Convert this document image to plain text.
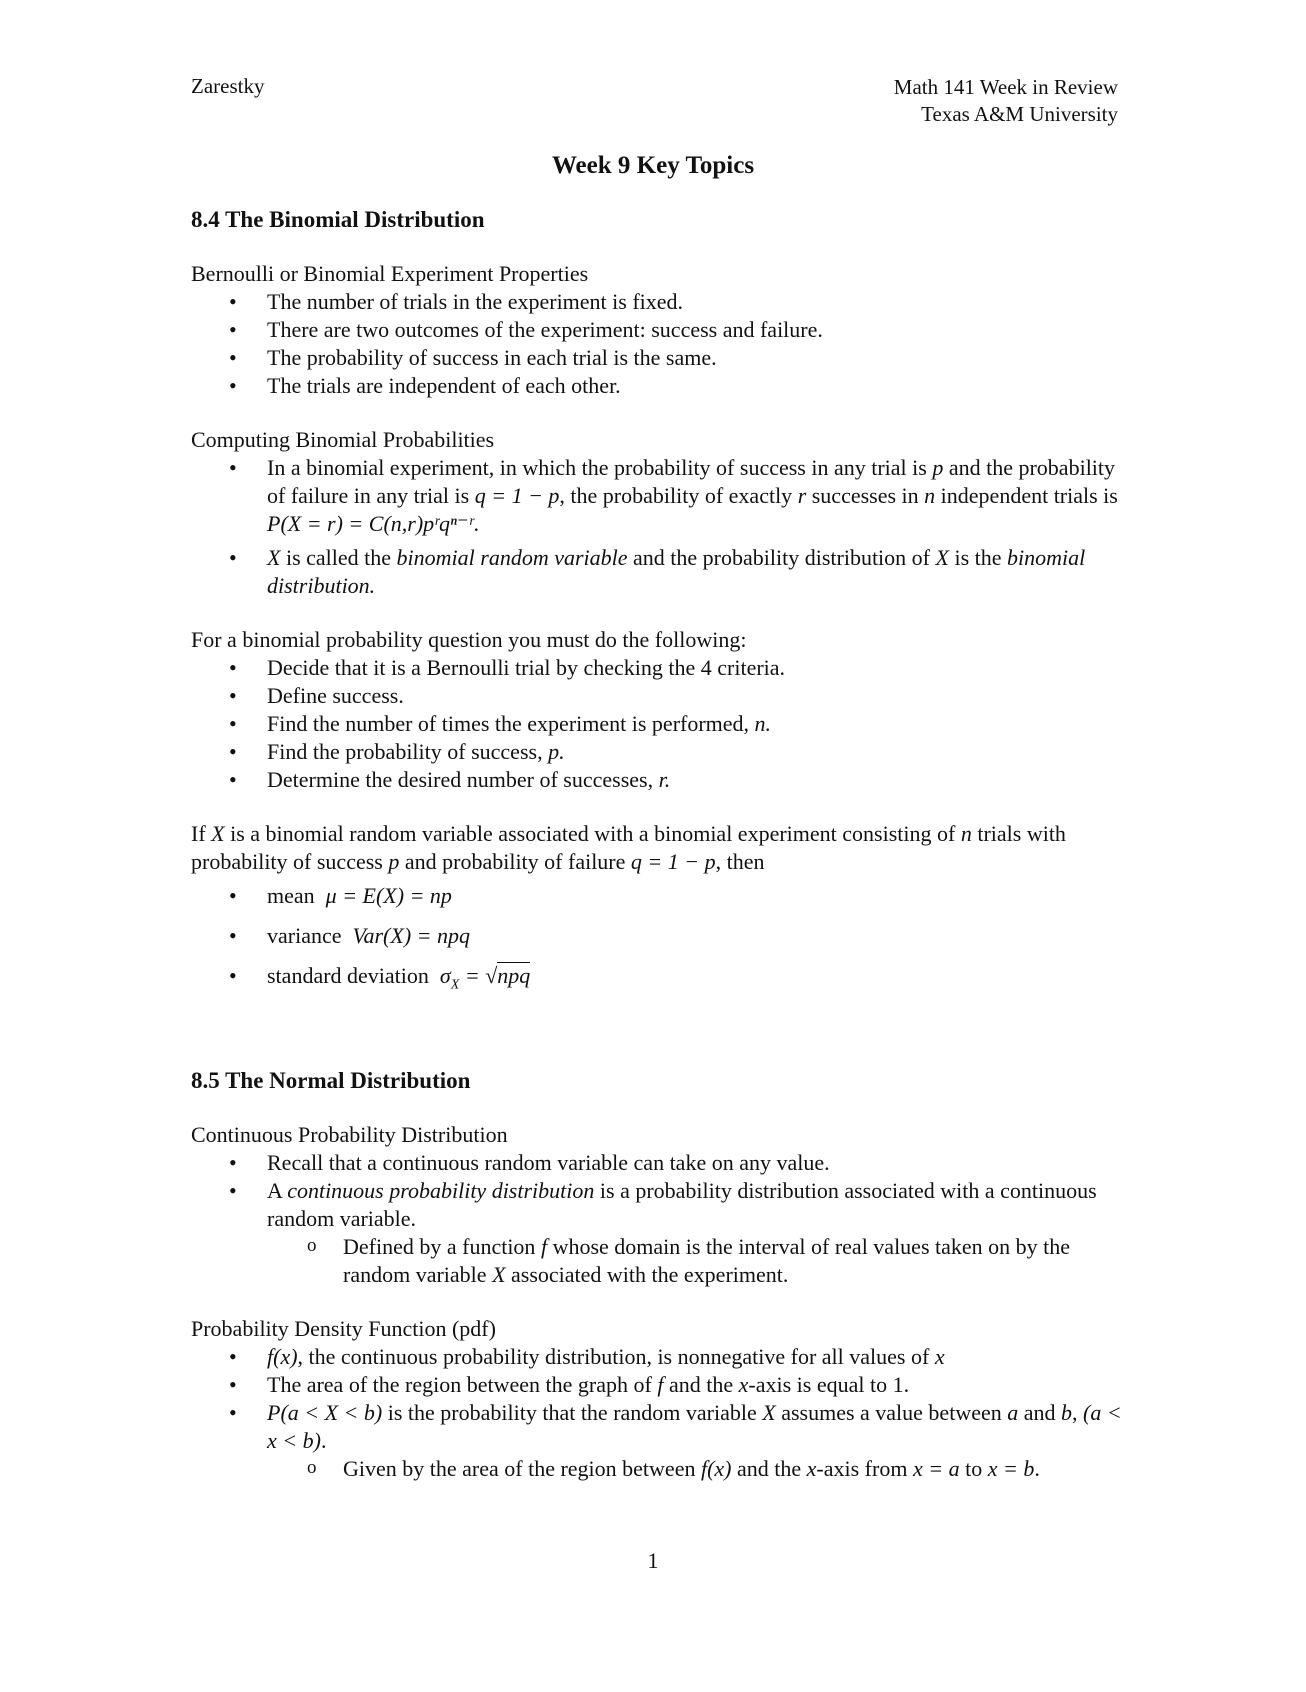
Zarestky	Math 141 Week in Review
Texas A&M University
Week 9 Key Topics

8.4 The Binomial Distribution

Bernoulli or Binomial Experiment Properties

• The number of trials in the experiment is fixed.
• There are two outcomes of the experiment: success and failure.
• The probability of success in each trial is the same.
• The trials are independent of each other.

Computing Binomial Probabilities

• In a binomial experiment, in which the probability of success in any trial is p and the probability of failure in any trial is q = 1 − p, the probability of exactly r successes in n independent trials is P(X = r) = C(n,r)pʳqⁿ⁻ʳ.
• X is called the binomial random variable and the probability distribution of X is the binomial distribution.

For a binomial probability question you must do the following:

• Decide that it is a Bernoulli trial by checking the 4 criteria.
• Define success.
• Find the number of times the experiment is performed, n.
• Find the probability of success, p.
• Determine the desired number of successes, r.

If X is a binomial random variable associated with a binomial experiment consisting of n trials with probability of success p and probability of failure q = 1 − p, then

• mean μ = E(X) = np
• variance Var(X) = npq
• standard deviation $\sigma_X = √npq$

8.5 The Normal Distribution

Continuous Probability Distribution

• Recall that a continuous random variable can take on any value.
• A continuous probability distribution is a probability distribution associated with a continuous random variable.
o Defined by a function f whose domain is the interval of real values taken on by the random variable X associated with the experiment.

Probability Density Function (pdf)

• f(x), the continuous probability distribution, is nonnegative for all values of x
• The area of the region between the graph of f and the x-axis is equal to 1.
• P(a < X < b) is the probability that the random variable X assumes a value between a and b, (a < x < b).
o Given by the area of the region between f(x) and the x-axis from x = a to x = b.
1
